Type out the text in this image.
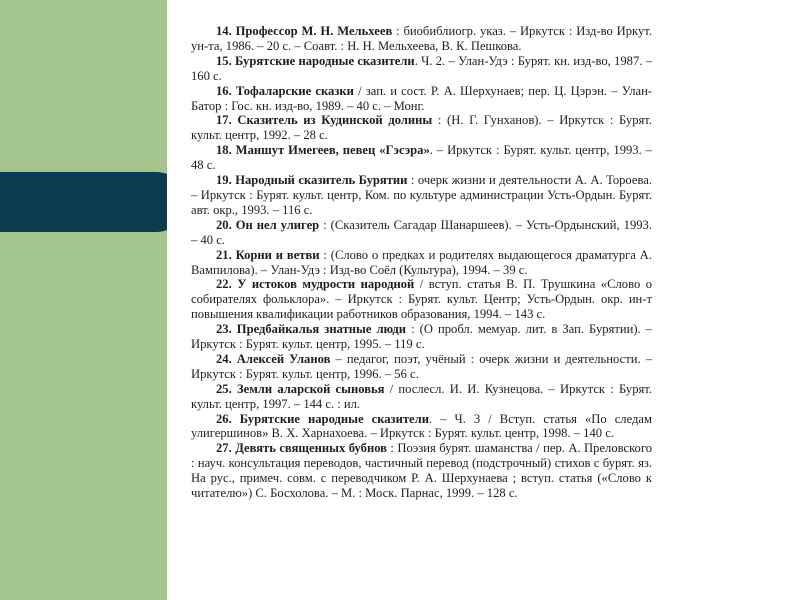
14. Профессор М. Н. Мельхеев : биобиблиогр. указ. – Иркутск : Изд-во Иркут. ун-та, 1986. – 20 с. – Соавт. : Н. Н. Мельхеева, В. К. Пешкова.

15. Бурятские народные сказители. Ч. 2. – Улан-Удэ : Бурят. кн. изд-во, 1987. – 160 с.

16. Тофаларские сказки / зап. и сост. Р. А. Шерхунаев; пер. Ц. Цэрэн. – Улан-Батор : Гос. кн. изд-во, 1989. – 40 с. – Монг.

17. Сказитель из Кудинской долины : (Н. Г. Гунханов). – Иркутск : Бурят. культ. центр, 1992. – 28 с.

18. Маншут Имегеев, певец «Гэсэра». – Иркутск : Бурят. культ. центр, 1993. – 48 с.

19. Народный сказитель Бурятии : очерк жизни и деятельности А. А. Тороева. – Иркутск : Бурят. культ. центр, Ком. по культуре администрации Усть-Ордын. Бурят. авт. окр., 1993. – 116 с.

20. Он нел улигер : (Сказитель Сагадар Шанаршеев). – Усть-Ордынский, 1993. – 40 с.

21. Корни и ветви : (Слово о предках и родителях выдающегося драматурга А. Вампилова). – Улан-Удэ : Изд-во Соёл (Культура), 1994. – 39 с.

22. У истоков мудрости народной / вступ. статья В. П. Трушкина «Слово о собирателях фольклора». – Иркутск : Бурят. культ. Центр; Усть-Ордын. окр. ин-т повышения квалификации работников образования, 1994. – 143 с.

23. Предбайкалья знатные люди : (О пробл. мемуар. лит. в Зап. Бурятии). – Иркутск : Бурят. культ. центр, 1995. – 119 с.

24. Алексей Уланов – педагог, поэт, учёный : очерк жизни и деятельности. – Иркутск : Бурят. культ. центр, 1996. – 56 с.

25. Земли аларской сыновья / послесл. И. И. Кузнецова. – Иркутск : Бурят. культ. центр, 1997. – 144 с. : ил.

26. Бурятские народные сказители. – Ч. 3 / Вступ. статья «По следам улигершинов» В. Х. Харнахоева. – Иркутск : Бурят. культ. центр, 1998. – 140 с.

27. Девять священных бубнов : Поэзия бурят. шаманства / пер. А. Преловского : науч. консультация переводов, частичный перевод (подстрочный) стихов с бурят. яз. На рус., примеч. совм. с переводчиком Р. А. Шерхунаева ; вступ. статья («Слово к читателю») С. Босхолова. – М. : Моск. Парнас, 1999. – 128 с.
